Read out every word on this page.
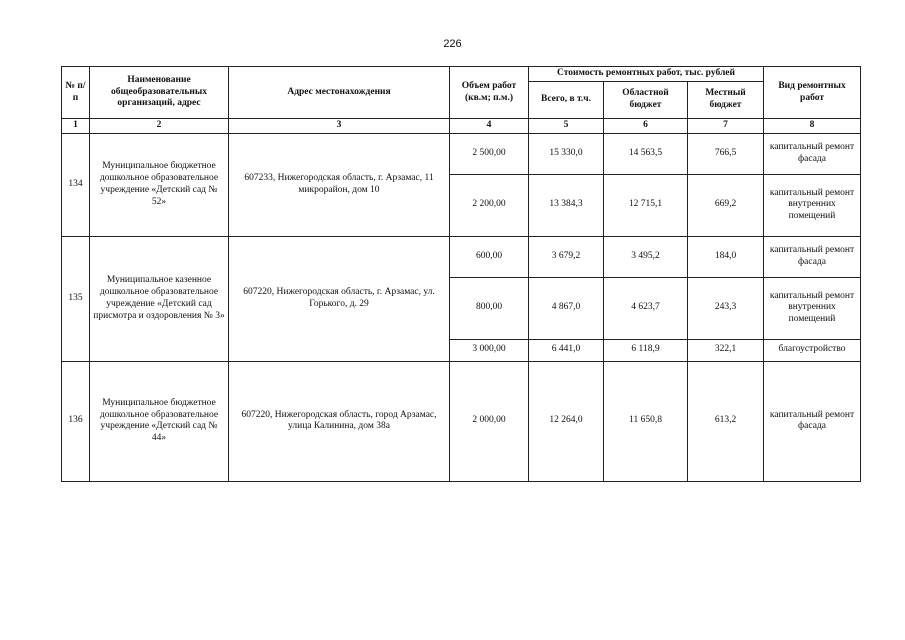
226
№ п/п	Наименование общеобразовательных организаций, адрес	Адрес местонахождения	Объем работ (кв.м; п.м.)	Стоимость ремонтных работ, тыс. рублей			Вид ремонтных работ
				Всего, в т.ч.	Областной бюджет	Местный бюджет	
1	2	3	4	5	6	7	8
134	Муниципальное бюджетное дошкольное образовательное учреждение «Детский сад № 52»	607233, Нижегородская область, г. Арзамас, 11 микрорайон, дом 10	2 500,00	15 330,0	14 563,5	766,5	капитальный ремонт фасада
			2 200,00	13 384,3	12 715,1	669,2	капитальный ремонт внутренних помещений
135	Муниципальное казенное дошкольное образовательное учреждение «Детский сад присмотра и оздоровления № 3»	607220, Нижегородская область, г. Арзамас, ул. Горького, д. 29	600,00	3 679,2	3 495,2	184,0	капитальный ремонт фасада
			800,00	4 867,0	4 623,7	243,3	капитальный ремонт внутренних помещений
			3 000,00	6 441,0	6 118,9	322,1	благоустройство
136	Муниципальное бюджетное дошкольное образовательное учреждение «Детский сад № 44»	607220, Нижегородская область, город Арзамас, улица Калинина, дом 38а	2 000,00	12 264,0	11 650,8	613,2	капитальный ремонт фасада
